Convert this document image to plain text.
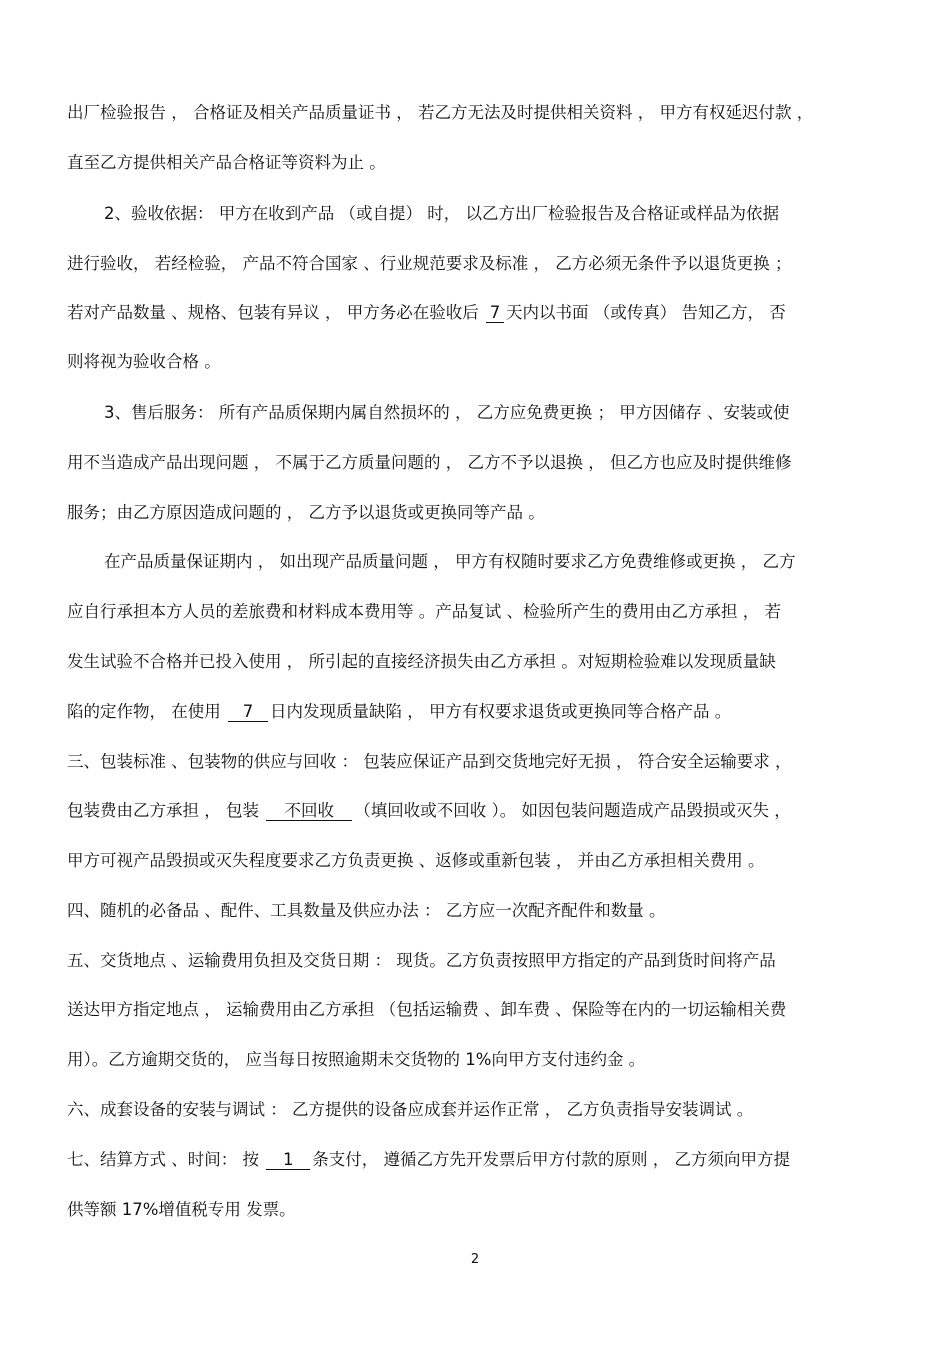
出厂检验报告 ， 合格证及相关产品质量证书 ， 若乙方无法及时提供相关资料 ， 甲方有权延迟付款 ，
直至乙方提供相关产品合格证等资料为止 。
2、验收依据： 甲方在收到产品 （或自提） 时， 以乙方出厂检验报告及合格证或样品为依据
进行验收， 若经检验， 产品不符合国家 、行业规范要求及标准 ， 乙方必须无条件予以退货更换 ；
若对产品数量 、规格、包装有异议 ， 甲方务必在验收后 7 天内以书面 （或传真） 告知乙方， 否
则将视为验收合格 。
3、售后服务： 所有产品质保期内属自然损坏的 ， 乙方应免费更换 ； 甲方因储存 、安装或使
用不当造成产品出现问题 ， 不属于乙方质量问题的 ， 乙方不予以退换 ， 但乙方也应及时提供维修
服务；由乙方原因造成问题的 ， 乙方予以退货或更换同等产品 。
在产品质量保证期内 ， 如出现产品质量问题 ， 甲方有权随时要求乙方免费维修或更换 ， 乙方
应自行承担本方人员的差旅费和材料成本费用等 。产品复试 、检验所产生的费用由乙方承担 ， 若
发生试验不合格并已投入使用 ， 所引起的直接经济损失由乙方承担 。对短期检验难以发现质量缺
陷的定作物， 在使用 7 日内发现质量缺陷 ， 甲方有权要求退货或更换同等合格产品 。
三、包装标准 、包装物的供应与回收 ： 包装应保证产品到交货地完好无损 ， 符合安全运输要求 ，
包装费由乙方承担 ， 包装 不回收 （填回收或不回收 ）。 如因包装问题造成产品毁损或灭失 ，
甲方可视产品毁损或灭失程度要求乙方负责更换 、返修或重新包装 ， 并由乙方承担相关费用 。
四、随机的必备品 、配件、工具数量及供应办法 ： 乙方应一次配齐配件和数量 。
五、交货地点 、运输费用负担及交货日期 ： 现货。乙方负责按照甲方指定的产品到货时间将产品
送达甲方指定地点 ， 运输费用由乙方承担 （包括运输费 、卸车费 、保险等在内的一切运输相关费
用）。乙方逾期交货的， 应当每日按照逾期未交货物的 1%向甲方支付违约金 。
六、成套设备的安装与调试 ： 乙方提供的设备应成套并运作正常 ， 乙方负责指导安装调试 。
七、结算方式 、时间： 按 1 条支付， 遵循乙方先开发票后甲方付款的原则 ， 乙方须向甲方提
供等额 17%增值税专用 发票。
2
